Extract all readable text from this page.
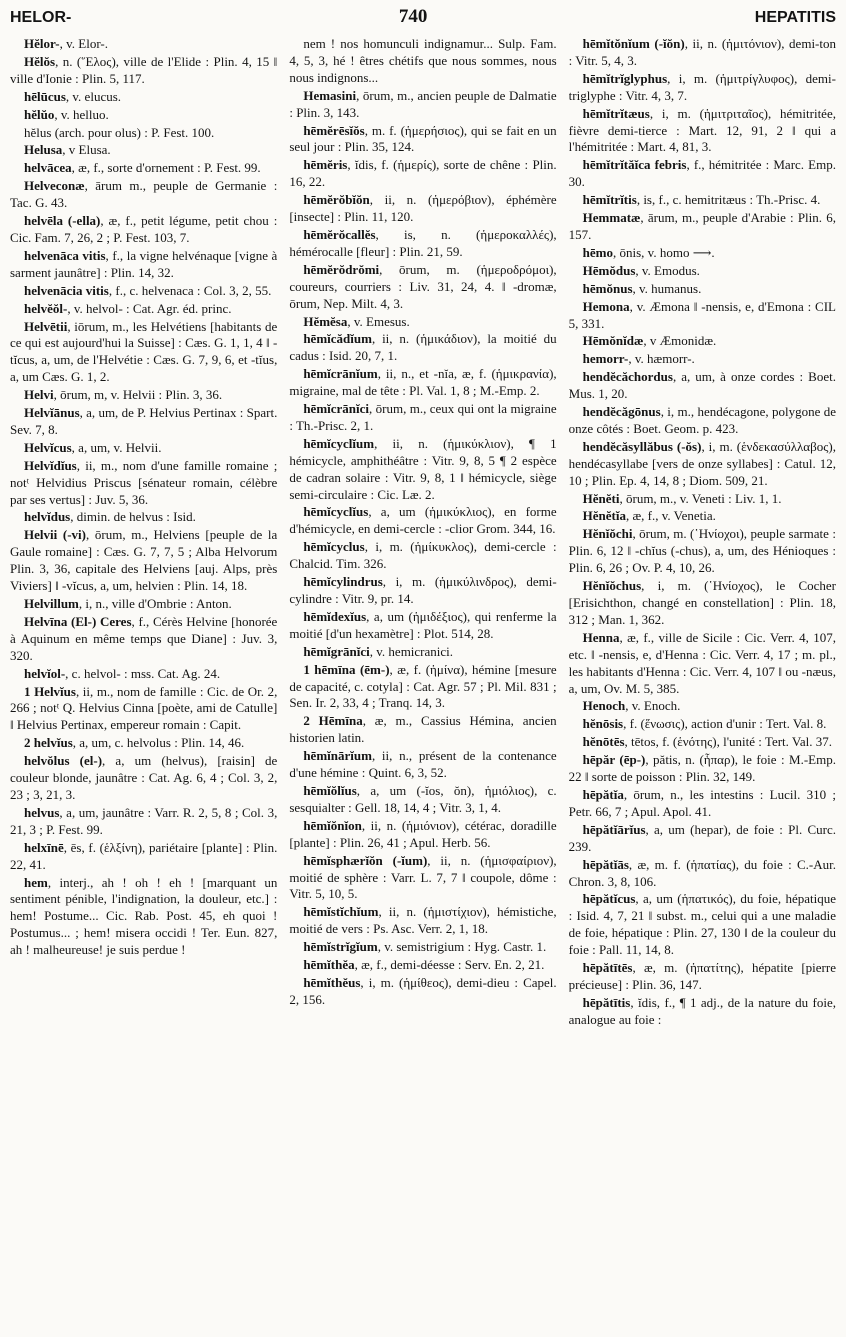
HELOR-	740	HEPATITIS
Hĕlor-, v. Elor-.
Hĕlŏs, n. (῞Ελος), ville de l'Elide : Plin. 4, 15 ‖ ville d'Ionie : Plin. 5, 117.
hēlūcus, v. elucus.
hĕlŭo, v. helluo.
hĕlus (arch. pour olus) : P. Fest. 100.
Helusa, v Elusa.
helvācea, æ, f., sorte d'ornement : P. Fest. 99.
Helveconæ, ārum m., peuple de Germanie : Tac. G. 43.
helvēla (-ella), æ, f., petit légume, petit chou : Cic. Fam. 7, 26, 2 ; P. Fest. 103, 7.
helvenāca vitis, f., la vigne helvénaque [vigne à sarment jaunâtre] : Plin. 14, 32.
helvenācia vitis, f., c. helvenaca : Col. 3, 2, 55.
helvĕŏl-, v. helvol- : Cat. Agr. éd. princ.
Helvētii, iōrum, m., les Helvétiens [habitants de ce qui est aujourd'hui la Suisse] : Cæs. G. 1, 1, 4 ‖ -tĭcus, a, um, de l'Helvétie : Cæs. G. 7, 9, 6, et -tĭus, a, um Cæs. G. 1, 2.
Helvi, ōrum, m, v. Helvii : Plin. 3, 36.
Helvĭānus, a, um, de P. Helvius Pertinax : Spart. Sev. 7, 8.
Helvĭcus, a, um, v. Helvii.
Helvĭdĭus, ii, m., nom d'une famille romaine ; notᵗ Helvidius Priscus [sénateur romain, célèbre par ses vertus] : Juv. 5, 36.
helvĭdus, dimin. de helvus : Isid.
Helvii (-vi), ōrum, m., Helviens [peuple de la Gaule romaine] : Cæs. G. 7, 7, 5 ; Alba Helvorum Plin. 3, 36, capitale des Helviens [auj. Alps, près Viviers] ‖ -vĭcus, a, um, helvien : Plin. 14, 18.
Helvillum, i, n., ville d'Ombrie : Anton.
Helvīna (El-) Ceres, f., Cérès Helvine [honorée à Aquinum en même temps que Diane] : Juv. 3, 320.
helvĭol-, c. helvol- : mss. Cat. Ag. 24.
1 Helvĭus, ii, m., nom de famille : Cic. de Or. 2, 266 ; notᵗ Q. Helvius Cinna [poète, ami de Catulle] ‖ Helvius Pertinax, empereur romain : Capit.
2 helvĭus, a, um, c. helvolus : Plin. 14, 46.
helvŏlus (el-), a, um (helvus), [raisin] de couleur blonde, jaunâtre : Cat. Ag. 6, 4 ; Col. 3, 2, 23 ; 3, 21, 3.
helvus, a, um, jaunâtre : Varr. R. 2, 5, 8 ; Col. 3, 21, 3 ; P. Fest. 99.
helxīnē, ēs, f. (ἑλξίνη), pariétaire [plante] : Plin. 22, 41.
hem, interj., ah ! oh ! eh ! [marquant un sentiment pénible, l'indignation, la douleur, etc.] : hem! Postume... Cic. Rab. Post. 45, eh quoi ! Postumus... ; hem! misera occidi ! Ter. Eun. 827, ah ! malheureuse! je suis perdue !
nem ! nos homunculi indignamur... Sulp. Fam. 4, 5, 3, hé ! êtres chétifs que nous sommes, nous nous indignons...
Hemasini, ōrum, m., ancien peuple de Dalmatie : Plin. 3, 143.
hēmĕrēsĭŏs, m. f. (ἡμερήσιος), qui se fait en un seul jour : Plin. 35, 124.
hēmĕris, ĭdis, f. (ἡμερίς), sorte de chêne : Plin. 16, 22.
hēmĕrŏbĭŏn, ii, n. (ἡμερόβιον), éphémère [insecte] : Plin. 11, 120.
hēmĕrŏcallĕs, is, n. (ἡμεροκαλλές), hémérocalle [fleur] : Plin. 21, 59.
hēmĕrŏdrŏmi, ōrum, m. (ἡμεροδρόμοι), coureurs, courriers : Liv. 31, 24, 4. ‖ -dromæ, ōrum, Nep. Milt. 4, 3.
Hĕmĕsa, v. Emesus.
hēmĭcădĭum, ii, n. (ἡμικάδιον), la moitié du cadus : Isid. 20, 7, 1.
hēmĭcrānĭum, ii, n., et -nĭa, æ, f. (ἡμικρανία), migraine, mal de tête : Pl. Val. 1, 8 ; M.-Emp. 2.
hēmĭcrānĭci, ōrum, m., ceux qui ont la migraine : Th.-Prisc. 2, 1.
hēmĭcyclĭum, ii, n. (ἡμικύκλιον), ¶ 1 hémicycle, amphithéâtre : Vitr. 9, 8, 5 ¶ 2 espèce de cadran solaire : Vitr. 9, 8, 1 ‖ hémicycle, siège semi-circulaire : Cic. Læ. 2.
hēmĭcyclĭus, a, um (ἡμικύκλιος), en forme d'hémicycle, en demi-cercle : -clior Grom. 344, 16.
hēmĭcyclus, i, m. (ἡμίκυκλος), demi-cercle : Chalcid. Tim. 326.
hēmĭcylindrus, i, m. (ἡμικύλινδρος), demi-cylindre : Vitr. 9, pr. 14.
hēmĭdexĭus, a, um (ἡμιδέξιος), qui renferme la moitié [d'un hexamètre] : Plot. 514, 28.
hēmĭgrānĭci, v. hemicranici.
1 hēmīna (ēm-), æ, f. (ἡμίνα), hémine [mesure de capacité, c. cotyla] : Cat. Agr. 57 ; Pl. Mil. 831 ; Sen. Ir. 2, 33, 4 ; Tranq. 14, 3.
2 Hēmīna, æ, m., Cassius Hémina, ancien historien latin.
hēmĭnārĭum, ii, n., présent de la contenance d'une hémine : Quint. 6, 3, 52.
hēmĭŏlĭus, a, um (-ĭos, ŏn), ἡμιόλιος), c. sesquialter : Gell. 18, 14, 4 ; Vitr. 3, 1, 4.
hēmĭŏnĭon, ii, n. (ἡμιόνιον), cétérac, doradille [plante] : Plin. 26, 41 ; Apul. Herb. 56.
hēmĭsphærĭŏn (-ĭum), ii, n. (ἡμισφαίριον), moitié de sphère : Varr. L. 7, 7 ‖ coupole, dôme : Vitr. 5, 10, 5.
hēmĭstĭchĭum, ii, n. (ἡμιστίχιον), hémistiche, moitié de vers : Ps. Asc. Verr. 2, 1, 18.
hēmĭstrĭgĭum, v. semistrigium : Hyg. Castr. 1.
hēmĭthĕa, æ, f., demi-déesse : Serv. En. 2, 21.
hēmĭthĕus, i, m. (ἡμίθεος), demi-dieu : Capel. 2, 156.
hēmĭtŏnĭum (-ĭŏn), ii, n. (ἡμιτόνιον), demi-ton : Vitr. 5, 4, 3.
hēmĭtrĭglyphus, i, m. (ἡμιτρίγλυφος), demi-triglyphe : Vitr. 4, 3, 7.
hēmĭtrĭtæus, i, m. (ἡμιτριταῖος), hémitritée, fièvre demi-tierce : Mart. 12, 91, 2 ‖ qui a l'hémitritée : Mart. 4, 81, 3.
hēmĭtrĭtăĭca febris, f., hémitritée : Marc. Emp. 30.
hēmĭtrĭtis, is, f., c. hemitritæus : Th.-Prisc. 4.
Hemmatæ, ārum, m., peuple d'Arabie : Plin. 6, 157.
hēmo, ōnis, v. homo ⟶.
Hēmŏdus, v. Emodus.
hēmŏnus, v. humanus.
Hemona, v. Æmona ‖ -nensis, e, d'Emona : CIL 5, 331.
Hēmŏnĭdæ, v Æmonidæ.
hemorr-, v. hæmorr-.
hendĕcăchordus, a, um, à onze cordes : Boet. Mus. 1, 20.
hendĕcăgōnus, i, m., hendécagone, polygone de onze côtés : Boet. Geom. p. 423.
hendĕcăsyllăbus (-ŏs), i, m. (ἑνδεκασύλλαβος), hendécasyllabe [vers de onze syllabes] : Catul. 12, 10 ; Plin. Ep. 4, 14, 8 ; Diom. 509, 21.
Hĕnĕti, ōrum, m., v. Veneti : Liv. 1, 1.
Hĕnĕtĭa, æ, f., v. Venetia.
Hĕnĭŏchi, ōrum, m. (῾Ηνίοχοι), peuple sarmate : Plin. 6, 12 ‖ -chĭus (-chus), a, um, des Hénioques : Plin. 6, 26 ; Ov. P. 4, 10, 26.
Hĕnĭŏchus, i, m. (῾Ηνίοχος), le Cocher [Erisichthon, changé en constellation] : Plin. 18, 312 ; Man. 1, 362.
Henna, æ, f., ville de Sicile : Cic. Verr. 4, 107, etc. ‖ -nensis, e, d'Henna : Cic. Verr. 4, 17 ; m. pl., les habitants d'Henna : Cic. Verr. 4, 107 ‖ ou -næus, a, um, Ov. M. 5, 385.
Henoch, v. Enoch.
hĕnōsis, f. (ἕνωσις), action d'unir : Tert. Val. 8.
hĕnōtēs, tētos, f. (ἑνότης), l'unité : Tert. Val. 37.
hēpăr (ēp-), pătis, n. (ἧπαρ), le foie : M.-Emp. 22 ‖ sorte de poisson : Plin. 32, 149.
hēpătĭa, ōrum, n., les intestins : Lucil. 310 ; Petr. 66, 7 ; Apul. Apol. 41.
hēpătĭārĭus, a, um (hepar), de foie : Pl. Curc. 239.
hēpătĭās, æ, m. f. (ἡπατίας), du foie : C.-Aur. Chron. 3, 8, 106.
hēpătĭcus, a, um (ἡπατικός), du foie, hépatique : Isid. 4, 7, 21 ‖ subst. m., celui qui a une maladie de foie, hépatique : Plin. 27, 130 ‖ de la couleur du foie : Pall. 11, 14, 8.
hēpătītēs, æ, m. (ἡπατίτης), hépatite [pierre précieuse] : Plin. 36, 147.
hēpătītis, ĭdis, f., ¶ 1 adj., de la nature du foie, analogue au foie :
